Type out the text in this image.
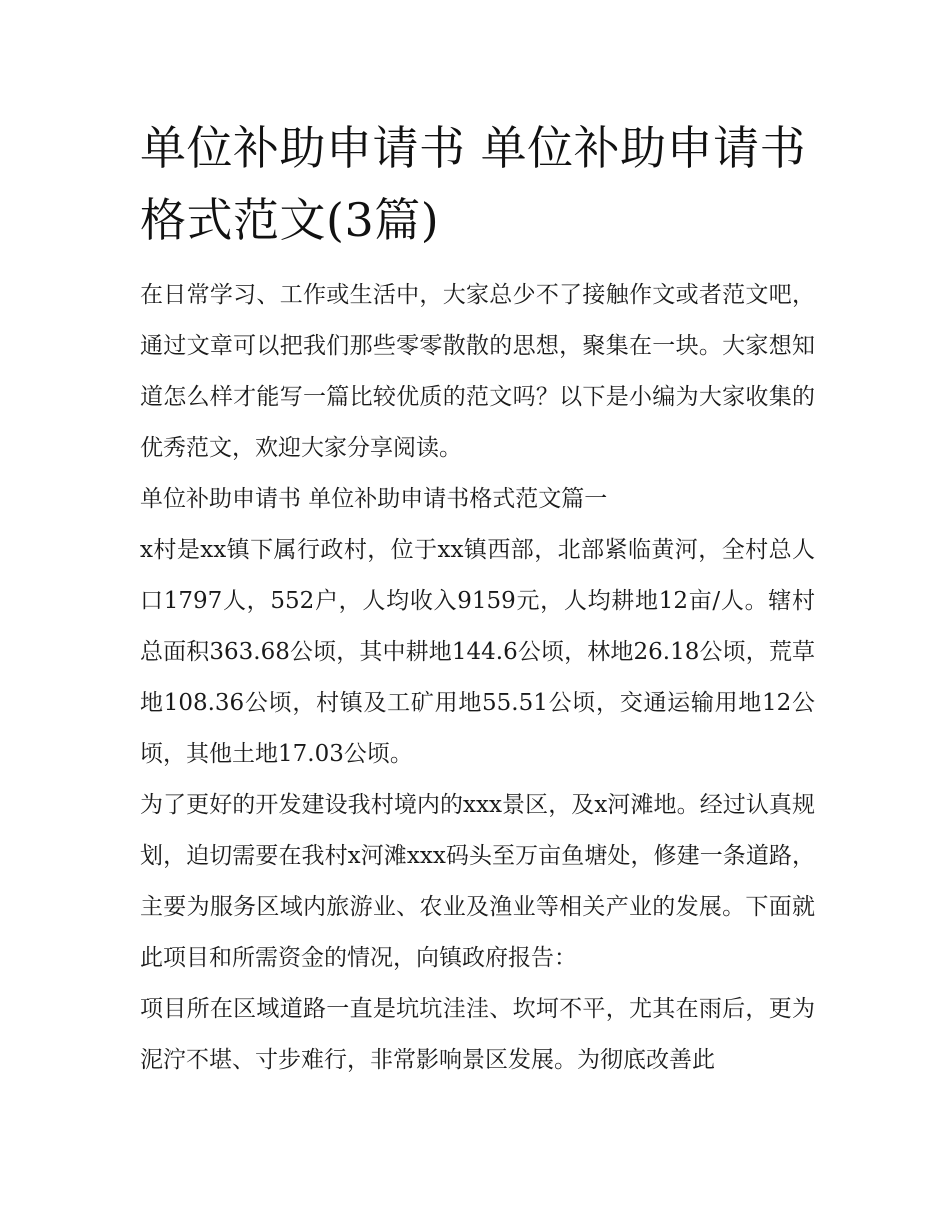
单位补助申请书 单位补助申请书格式范文(3篇)

在日常学习、工作或生活中，大家总少不了接触作文或者范文吧，通过文章可以把我们那些零零散散的思想，聚集在一块。大家想知道怎么样才能写一篇比较优质的范文吗？以下是小编为大家收集的优秀范文，欢迎大家分享阅读。

单位补助申请书 单位补助申请书格式范文篇一

x村是xx镇下属行政村，位于xx镇西部，北部紧临黄河，全村总人口1797人，552户，人均收入9159元，人均耕地12亩/人。辖村总面积363.68公顷，其中耕地144.6公顷，林地26.18公顷，荒草地108.36公顷，村镇及工矿用地55.51公顷，交通运输用地12公顷，其他土地17.03公顷。

为了更好的开发建设我村境内的xxx景区，及x河滩地。经过认真规划，迫切需要在我村x河滩xxx码头至万亩鱼塘处，修建一条道路，主要为服务区域内旅游业、农业及渔业等相关产业的发展。下面就此项目和所需资金的情况，向镇政府报告：

项目所在区域道路一直是坑坑洼洼、坎坷不平，尤其在雨后，更为泥泞不堪、寸步难行，非常影响景区发展。为彻底改善此
